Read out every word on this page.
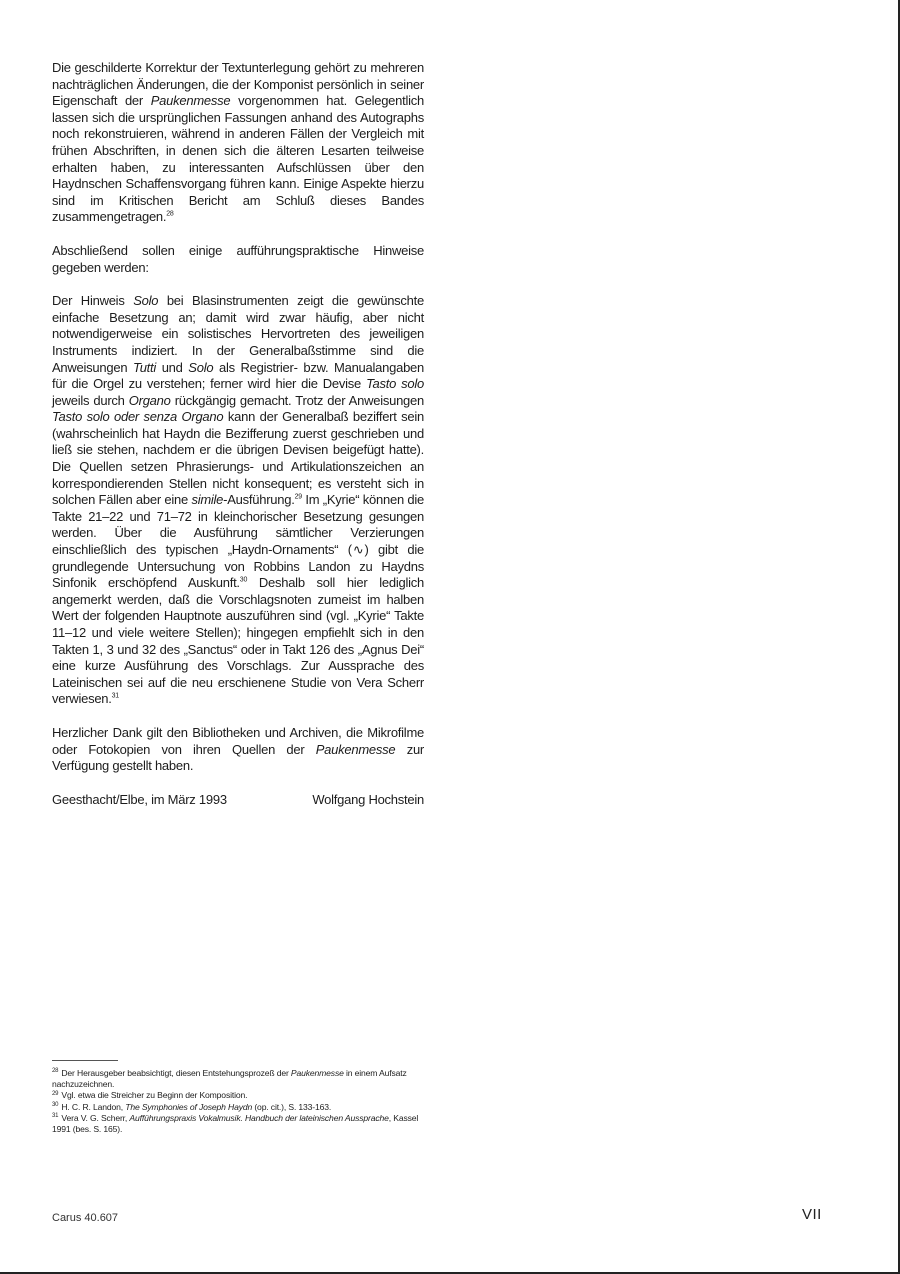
Die geschilderte Korrektur der Textunterlegung gehört zu mehreren nachträglichen Änderungen, die der Komponist persönlich in seiner Eigenschaft der Paukenmesse vorgenommen hat. Gelegentlich lassen sich die ursprünglichen Fassungen anhand des Autographs noch rekonstruieren, während in anderen Fällen der Vergleich mit frühen Abschriften, in denen sich die älteren Lesarten teilweise erhalten haben, zu interessanten Aufschlüssen über den Haydnschen Schaffensvorgang führen kann. Einige Aspekte hierzu sind im Kritischen Bericht am Schluß dieses Bandes zusammengetragen.$^{28}$

Abschließend sollen einige aufführungspraktische Hinweise gegeben werden:

Der Hinweis Solo bei Blasinstrumenten zeigt die gewünschte einfache Besetzung an; damit wird zwar häufig, aber nicht notwendigerweise ein solistisches Hervortreten des jeweiligen Instruments indiziert. In der Generalbaßstimme sind die Anweisungen Tutti und Solo als Registrier- bzw. Manualangaben für die Orgel zu verstehen; ferner wird hier die Devise Tasto solo jeweils durch Organo rückgängig gemacht. Trotz der Anweisungen Tasto solo oder senza Organo kann der Generalbaß beziffert sein (wahrscheinlich hat Haydn die Bezifferung zuerst geschrieben und ließ sie stehen, nachdem er die übrigen Devisen beigefügt hatte). Die Quellen setzen Phrasierungs- und Artikulationszeichen an korrespondierenden Stellen nicht konsequent; es versteht sich in solchen Fällen aber eine simile-Ausführung.$^{29}$ Im „Kyrie“ können die Takte 21–22 und 71–72 in kleinchorischer Besetzung gesungen werden. Über die Ausführung sämtlicher Verzierungen einschließlich des typischen „Haydn-Ornaments“ (∿) gibt die grundlegende Untersuchung von Robbins Landon zu Haydns Sinfonik erschöpfend Auskunft.$^{30}$ Deshalb soll hier lediglich angemerkt werden, daß die Vorschlagsnoten zumeist im halben Wert der folgenden Hauptnote auszuführen sind (vgl. „Kyrie“ Takte 11–12 und viele weitere Stellen); hingegen empfiehlt sich in den Takten 1, 3 und 32 des „Sanctus“ oder in Takt 126 des „Agnus Dei“ eine kurze Ausführung des Vorschlags. Zur Aussprache des Lateinischen sei auf die neu erschienene Studie von Vera Scherr verwiesen.$^{31}$

Herzlicher Dank gilt den Bibliotheken und Archiven, die Mikrofilme oder Fotokopien von ihren Quellen der Paukenmesse zur Verfügung gestellt haben.

Geesthacht/Elbe, im März 1993	Wolfgang Hochstein

$^{28}$ Der Herausgeber beabsichtigt, diesen Entstehungsprozeß der Paukenmesse in einem Aufsatz nachzuzeichnen.
$^{29}$ Vgl. etwa die Streicher zu Beginn der Komposition.
$^{30}$ H. C. R. Landon, The Symphonies of Joseph Haydn (op. cit.), S. 133-163.
$^{31}$ Vera V. G. Scherr, Aufführungspraxis Vokalmusik. Handbuch der lateinischen Aussprache, Kassel 1991 (bes. S. 165).
Carus 40.607	VII
